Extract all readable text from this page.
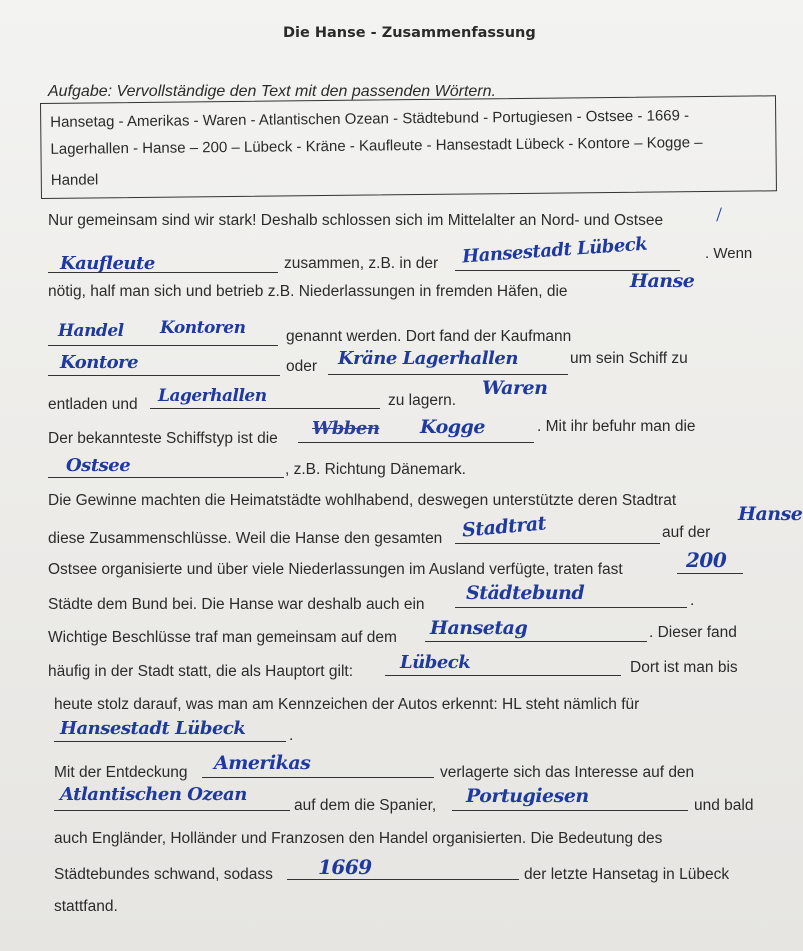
Die Hanse - Zusammenfassung
Aufgabe: Vervollständige den Text mit den passenden Wörtern.
Hansetag - Amerikas - Waren - Atlantischen Ozean - Städtebund - Portugiesen - Ostsee - 1669 -
Lagerhallen - Hanse – 200 – Lübeck - Kräne - Kaufleute - Hansestadt Lübeck - Kontore – Kogge –
Handel
Nur gemeinsam sind wir stark! Deshalb schlossen sich im Mittelalter an Nord- und Ostsee	⁄
Kaufleute	zusammen, z.B. in der Hansestadt Lübeck	. Wenn
nötig, half man sich und betrieb z.B. Niederlassungen in fremden Häfen, die	Hanse
Handel Kontoren	genannt werden. Dort fand der Kaufmann
Kontore	oder Kräne Lagerhallen	um sein Schiff zu
entladen und Lagerhallen	zu lagern.
Waren
Der bekannteste Schiffstyp ist die Wbben Kogge	. Mit ihr befuhr man die
Ostsee	, z.B. Richtung Dänemark.
Die Gewinne machten die Heimatstädte wohlhabend, deswegen unterstützte deren Stadtrat
diese Zusammenschlüsse. Weil die Hanse den gesamten Stadtrat	auf der
Hanse
Ostsee organisierte und über viele Niederlassungen im Ausland verfügte, traten fast	200
Städte dem Bund bei. Die Hanse war deshalb auch ein
Städtebund	.
Wichtige Beschlüsse traf man gemeinsam auf dem Hansetag	. Dieser fand
häufig in der Stadt statt, die als Hauptort gilt:	Lübeck	Dort ist man bis
heute stolz darauf, was man am Kennzeichen der Autos erkennt: HL steht nämlich für
Hansestadt Lübeck	.
Mit der Entdeckung Amerikas	verlagerte sich das Interesse auf den
Atlantischen Ozean
auf dem die Spanier, Portugiesen	und bald
auch Engländer, Holländer und Franzosen den Handel organisierten. Die Bedeutung des
Städtebundes schwand, sodass 1669	der letzte Hansetag in Lübeck
stattfand.
